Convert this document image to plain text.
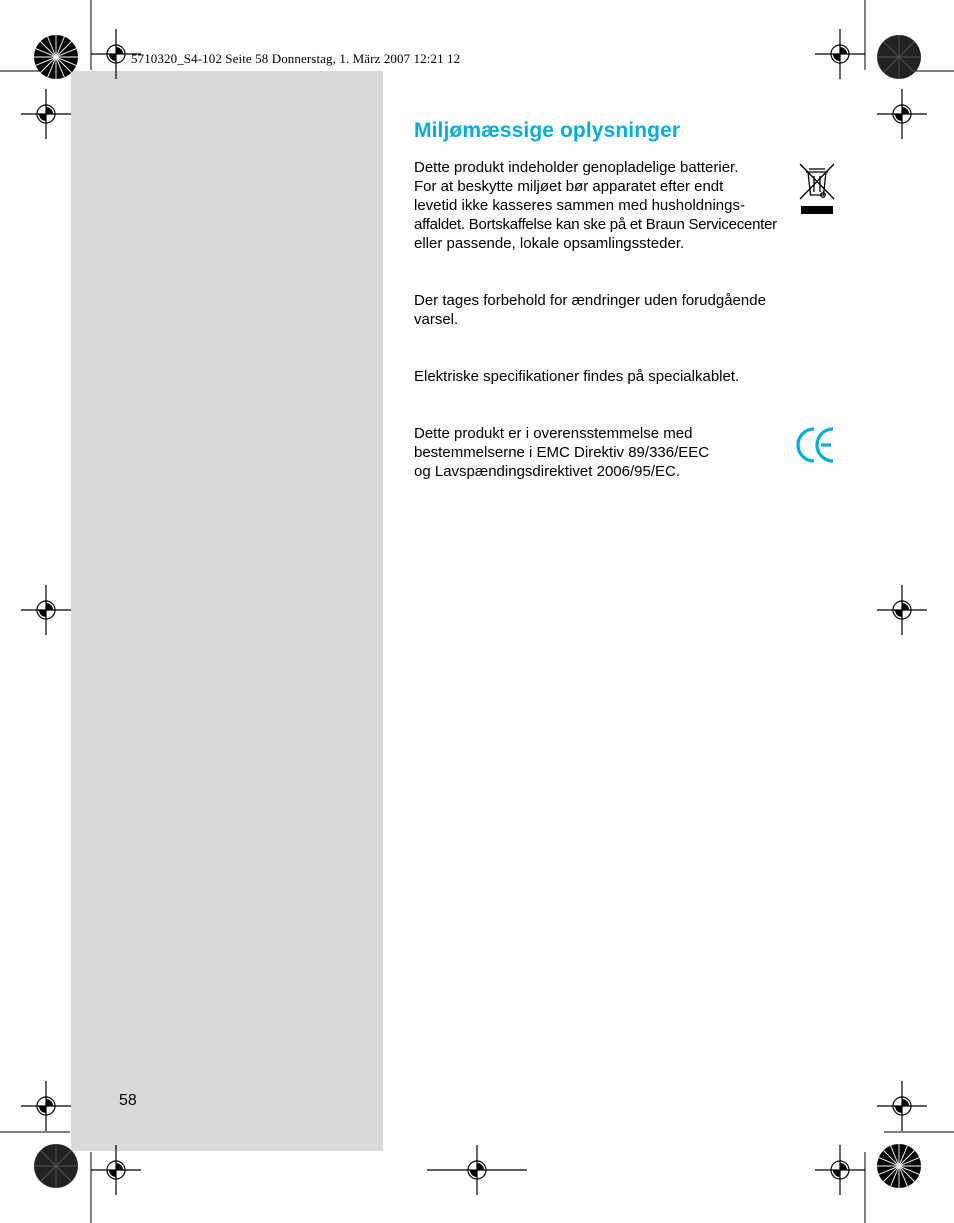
5710320_S4-102 Seite 58 Donnerstag, 1. März 2007 12:21 12
Miljømæssige oplysninger
Dette produkt indeholder genopladelige batterier.
For at beskytte miljøet bør apparatet efter endt
levetid ikke kasseres sammen med husholdnings-
affaldet. Bortskaffelse kan ske på et Braun Servicecenter
eller passende, lokale opsamlingssteder.
Der tages forbehold for ændringer uden forudgående
varsel.
Elektriske specifikationer findes på specialkablet.
Dette produkt er i overensstemmelse med
bestemmelserne i EMC Direktiv 89/336/EEC
og Lavspændingsdirektivet 2006/95/EC.
58
